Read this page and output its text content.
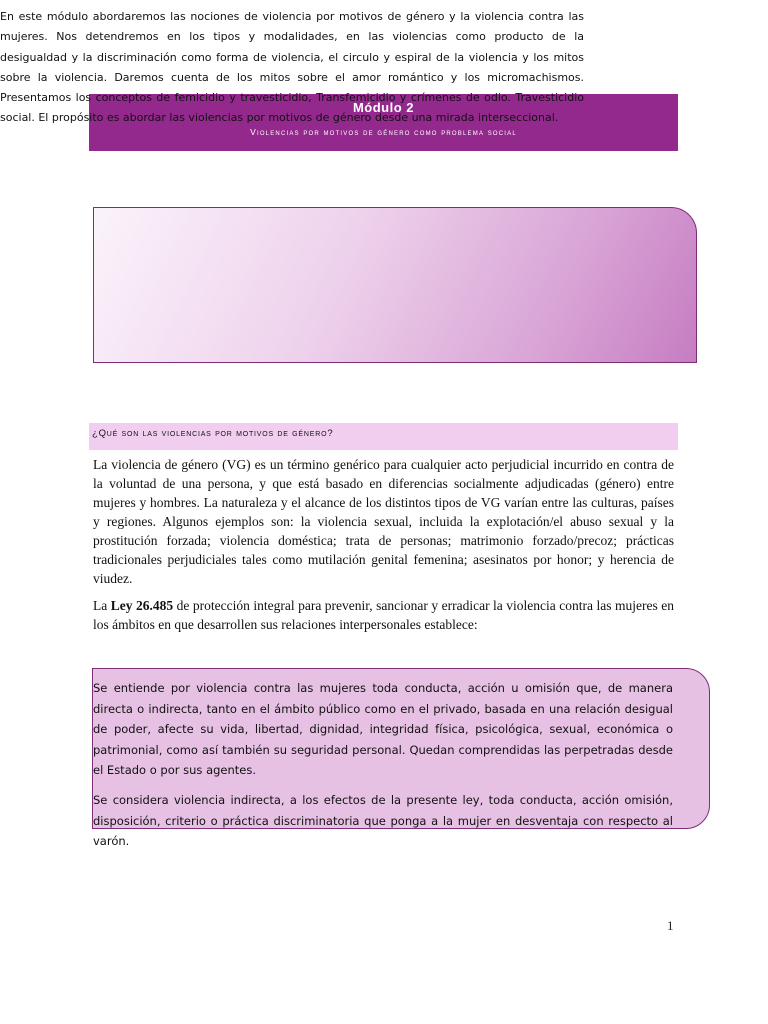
Módulo 2
Violencias por motivos de género como problema social

En este módulo abordaremos las nociones de violencia por motivos de género y la violencia contra las mujeres. Nos detendremos en los tipos y modalidades, en las violencias como producto de la desigualdad y la discriminación como forma de violencia, el circulo y espiral de la violencia y los mitos sobre la violencia. Daremos cuenta de los mitos sobre el amor romántico y los micromachismos. Presentamos los conceptos de femicidio y travesticidio, Transfemicidio y crímenes de odio. Travesticidio social. El propósito es abordar las violencias por motivos de género desde una mirada interseccional.

¿Qué son las violencias por motivos de género?

La violencia de género (VG) es un término genérico para cualquier acto perjudicial incurrido en contra de la voluntad de una persona, y que está basado en diferencias socialmente adjudicadas (género) entre mujeres y hombres. La naturaleza y el alcance de los distintos tipos de VG varían entre las culturas, países y regiones. Algunos ejemplos son: la violencia sexual, incluida la explotación/el abuso sexual y la prostitución forzada; violencia doméstica; trata de personas; matrimonio forzado/precoz; prácticas tradicionales perjudiciales tales como mutilación genital femenina; asesinatos por honor; y herencia de viudez.

La Ley 26.485 de protección integral para prevenir, sancionar y erradicar la violencia contra las mujeres en los ámbitos en que desarrollen sus relaciones interpersonales establece:

Se entiende por violencia contra las mujeres toda conducta, acción u omisión que, de manera directa o indirecta, tanto en el ámbito público como en el privado, basada en una relación desigual de poder, afecte su vida, libertad, dignidad, integridad física, psicológica, sexual, económica o patrimonial, como así también su seguridad personal. Quedan comprendidas las perpetradas desde el Estado o por sus agentes.

Se considera violencia indirecta, a los efectos de la presente ley, toda conducta, acción omisión, disposición, criterio o práctica discriminatoria que ponga a la mujer en desventaja con respecto al varón.

1
